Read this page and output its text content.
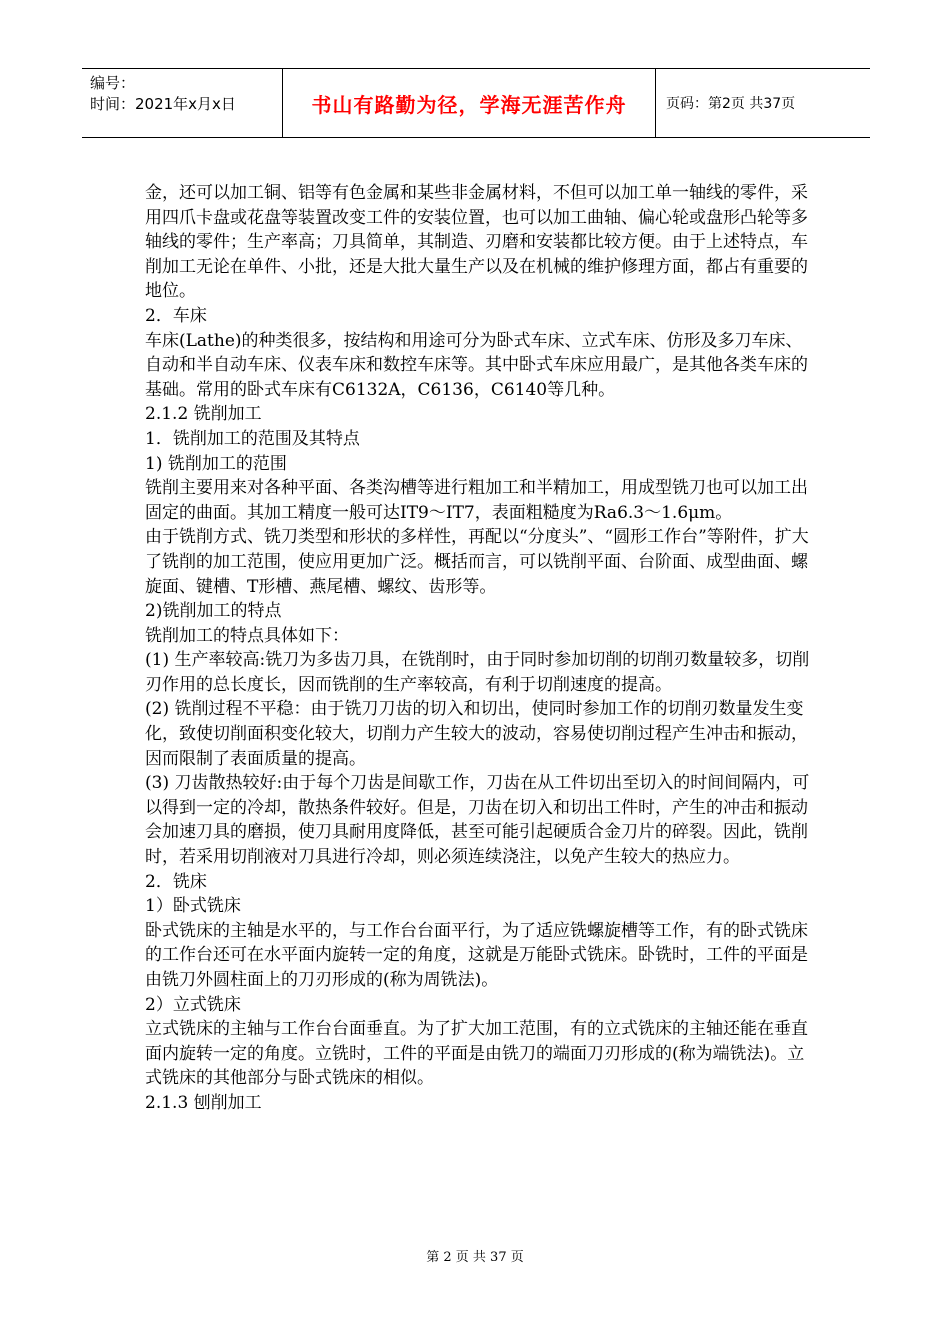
编号：
时间：2021年x月x日	书山有路勤为径，学海无涯苦作舟	页码：第2页 共37页

金，还可以加工铜、铝等有色金属和某些非金属材料，不但可以加工单一轴线的零件，采用四爪卡盘或花盘等装置改变工件的安装位置，也可以加工曲轴、偏心轮或盘形凸轮等多轴线的零件；生产率高；刀具简单，其制造、刃磨和安装都比较方便。由于上述特点，车削加工无论在单件、小批，还是大批大量生产以及在机械的维护修理方面，都占有重要的地位。

2．车床

车床(Lathe)的种类很多，按结构和用途可分为卧式车床、立式车床、仿形及多刀车床、自动和半自动车床、仪表车床和数控车床等。其中卧式车床应用最广，是其他各类车床的基础。常用的卧式车床有C6132A，C6136，C6140等几种。

2.1.2 铣削加工

1．铣削加工的范围及其特点

1) 铣削加工的范围

铣削主要用来对各种平面、各类沟槽等进行粗加工和半精加工，用成型铣刀也可以加工出固定的曲面。其加工精度一般可达IT9～IT7，表面粗糙度为Ra6.3～1.6μm。

由于铣削方式、铣刀类型和形状的多样性，再配以“分度头”、“圆形工作台”等附件，扩大了铣削的加工范围，使应用更加广泛。概括而言，可以铣削平面、台阶面、成型曲面、螺旋面、键槽、T形槽、燕尾槽、螺纹、齿形等。

2)铣削加工的特点

铣削加工的特点具体如下：

(1) 生产率较高:铣刀为多齿刀具，在铣削时，由于同时参加切削的切削刃数量较多，切削刃作用的总长度长，因而铣削的生产率较高，有利于切削速度的提高。

(2) 铣削过程不平稳：由于铣刀刀齿的切入和切出，使同时参加工作的切削刃数量发生变化，致使切削面积变化较大，切削力产生较大的波动，容易使切削过程产生冲击和振动，因而限制了表面质量的提高。

(3) 刀齿散热较好:由于每个刀齿是间歇工作，刀齿在从工件切出至切入的时间间隔内，可以得到一定的冷却，散热条件较好。但是，刀齿在切入和切出工件时，产生的冲击和振动会加速刀具的磨损，使刀具耐用度降低，甚至可能引起硬质合金刀片的碎裂。因此，铣削时，若采用切削液对刀具进行冷却，则必须连续浇注，以免产生较大的热应力。

2．铣床

1）卧式铣床

卧式铣床的主轴是水平的，与工作台台面平行，为了适应铣螺旋槽等工作，有的卧式铣床的工作台还可在水平面内旋转一定的角度，这就是万能卧式铣床。卧铣时，工件的平面是由铣刀外圆柱面上的刀刃形成的(称为周铣法)。

2）立式铣床

立式铣床的主轴与工作台台面垂直。为了扩大加工范围，有的立式铣床的主轴还能在垂直面内旋转一定的角度。立铣时，工件的平面是由铣刀的端面刀刃形成的(称为端铣法)。立式铣床的其他部分与卧式铣床的相似。

2.1.3 刨削加工

第 2 页 共 37 页
